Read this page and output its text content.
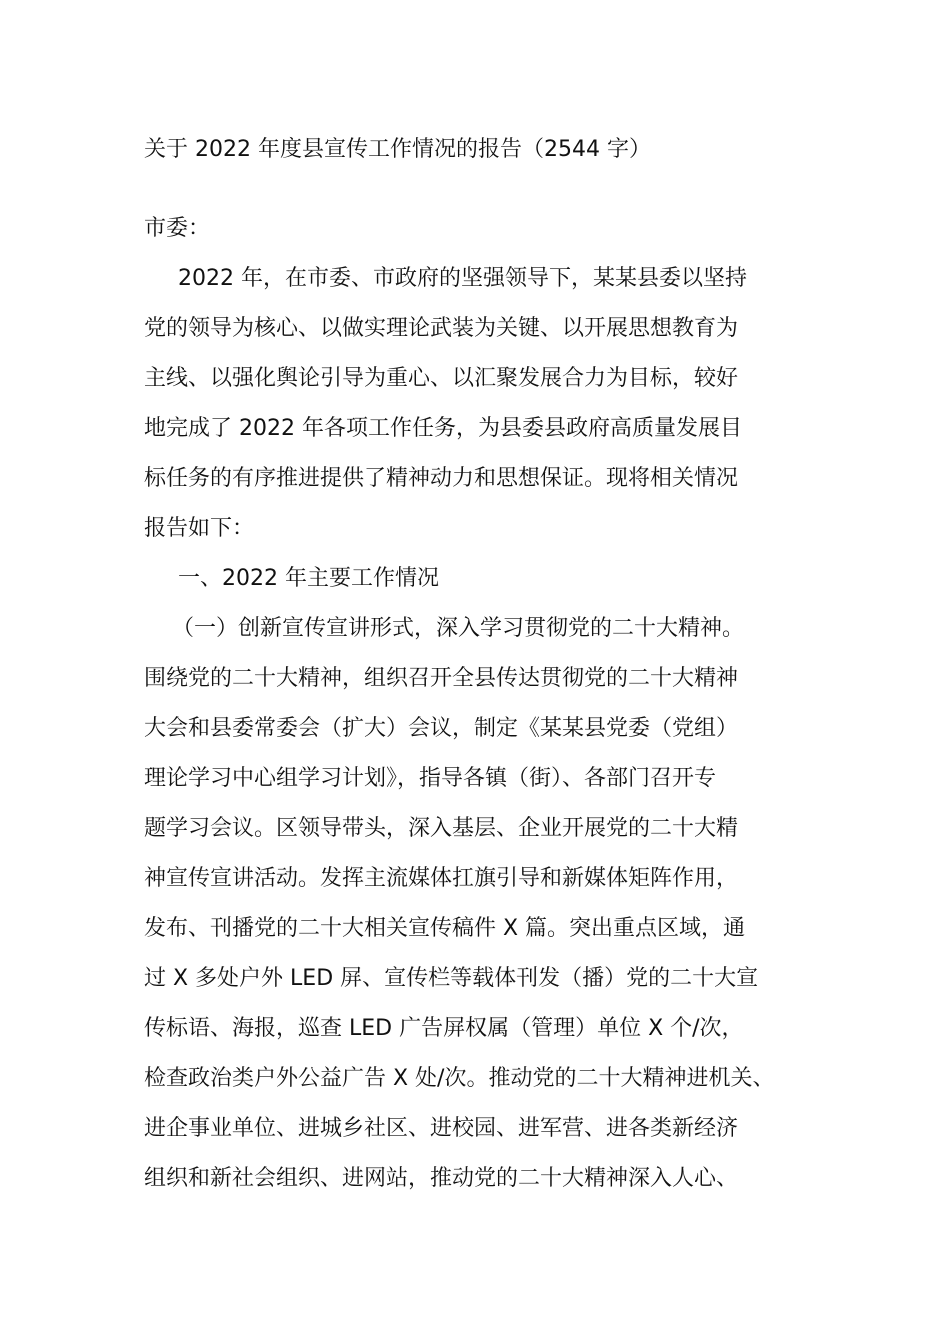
关于 2022 年度县宣传工作情况的报告（2544 字）
市委：
2022 年，在市委、市政府的坚强领导下，某某县委以坚持
党的领导为核心、以做实理论武装为关键、以开展思想教育为
主线、以强化舆论引导为重心、以汇聚发展合力为目标，较好
地完成了 2022 年各项工作任务，为县委县政府高质量发展目
标任务的有序推进提供了精神动力和思想保证。现将相关情况
报告如下：
一、2022 年主要工作情况
（一）创新宣传宣讲形式，深入学习贯彻党的二十大精神。
围绕党的二十大精神，组织召开全县传达贯彻党的二十大精神
大会和县委常委会（扩大）会议，制定《某某县党委（党组）
理论学习中心组学习计划》，指导各镇（街）、各部门召开专
题学习会议。区领导带头，深入基层、企业开展党的二十大精
神宣传宣讲活动。发挥主流媒体扛旗引导和新媒体矩阵作用，
发布、刊播党的二十大相关宣传稿件 X 篇。突出重点区域，通
过 X 多处户外 LED 屏、宣传栏等载体刊发（播）党的二十大宣
传标语、海报，巡查 LED 广告屏权属（管理）单位 X 个/次，
检查政治类户外公益广告 X 处/次。推动党的二十大精神进机关、
进企事业单位、进城乡社区、进校园、进军营、进各类新经济
组织和新社会组织、进网站，推动党的二十大精神深入人心、
